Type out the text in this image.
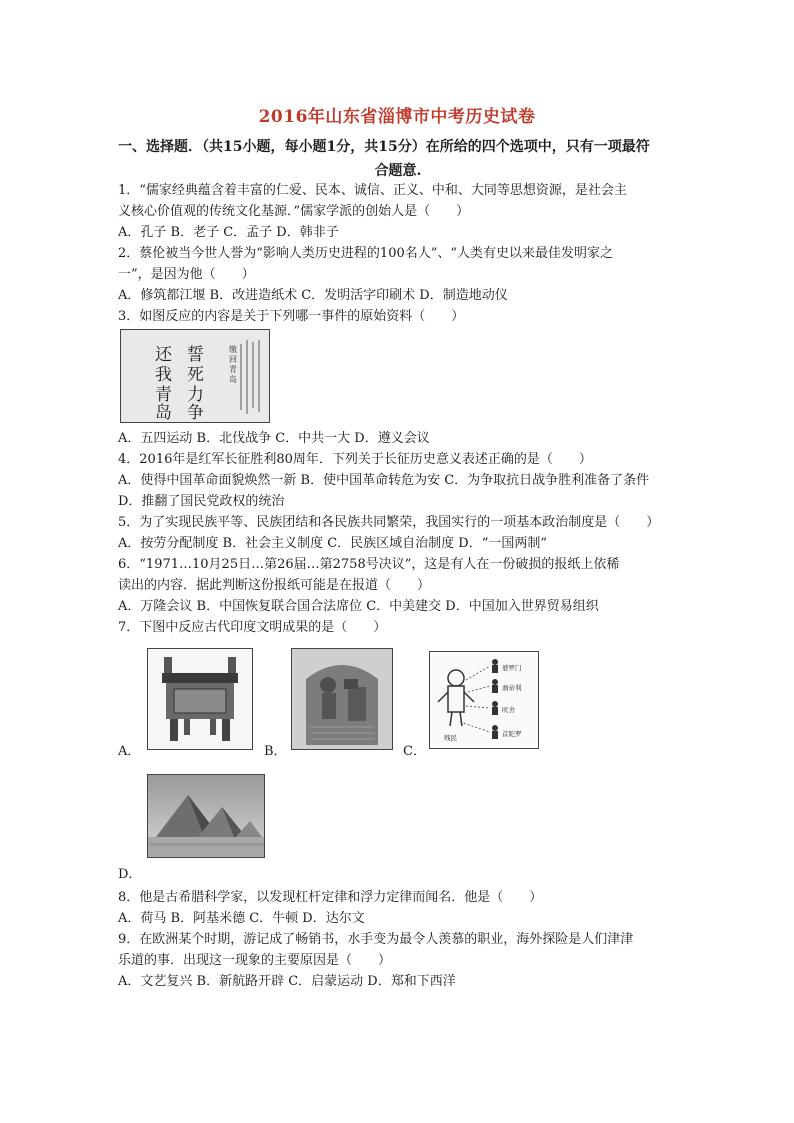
2016年山东省淄博市中考历史试卷
一、选择题．（共15小题，每小题1分，共15分）在所给的四个选项中，只有一项最符
合题意.
1．“儒家经典蕴含着丰富的仁爱、民本、诚信、正义、中和、大同等思想资源，是社会主
义核心价值观的传统文化基源．”儒家学派的创始人是（　　）
A．孔子 B．老子 C．孟子 D．韩非子
2．蔡伦被当今世人誉为“影响人类历史进程的100名人”、“人类有史以来最佳发明家之
一”，是因为他（　　）
A．修筑都江堰 B．改进造纸术 C．发明活字印刷术 D．制造地动仪
3．如图反应的内容是关于下列哪一事件的原始资料（　　）
誓
死
力
争
还
我
青
岛
缴
回
青
岛
A．五四运动 B．北伐战争 C．中共一大 D．遵义会议
4．2016年是红军长征胜利80周年．下列关于长征历史意义表述正确的是（　　）
A．使得中国革命面貌焕然一新 B．使中国革命转危为安 C．为争取抗日战争胜利准备了条件
D．推翻了国民党政权的统治
5．为了实现民族平等、民族团结和各民族共同繁荣，我国实行的一项基本政治制度是（　　）
A．按劳分配制度 B．社会主义制度 C．民族区域自治制度 D．“一国两制”
6．“1971…10月25日…第26届…第2758号决议”，这是有人在一份破损的报纸上依稀
读出的内容．据此判断这份报纸可能是在报道（　　）
A．万隆会议 B．中国恢复联合国合法席位 C．中美建交 D．中国加入世界贸易组织
7．下图中反应古代印度文明成果的是（　　）
A．	B．	C．
婆罗门
刹帝利
吠舍
首陀罗
贱民
D．
8．他是古希腊科学家，以发现杠杆定律和浮力定律而闻名．他是（　　）
A．荷马 B．阿基米德 C．牛顿 D．达尔文
9．在欧洲某个时期，游记成了畅销书，水手变为最令人羡慕的职业，海外探险是人们津津
乐道的事．出现这一现象的主要原因是（　　）
A．文艺复兴 B．新航路开辟 C．启蒙运动 D．郑和下西洋
